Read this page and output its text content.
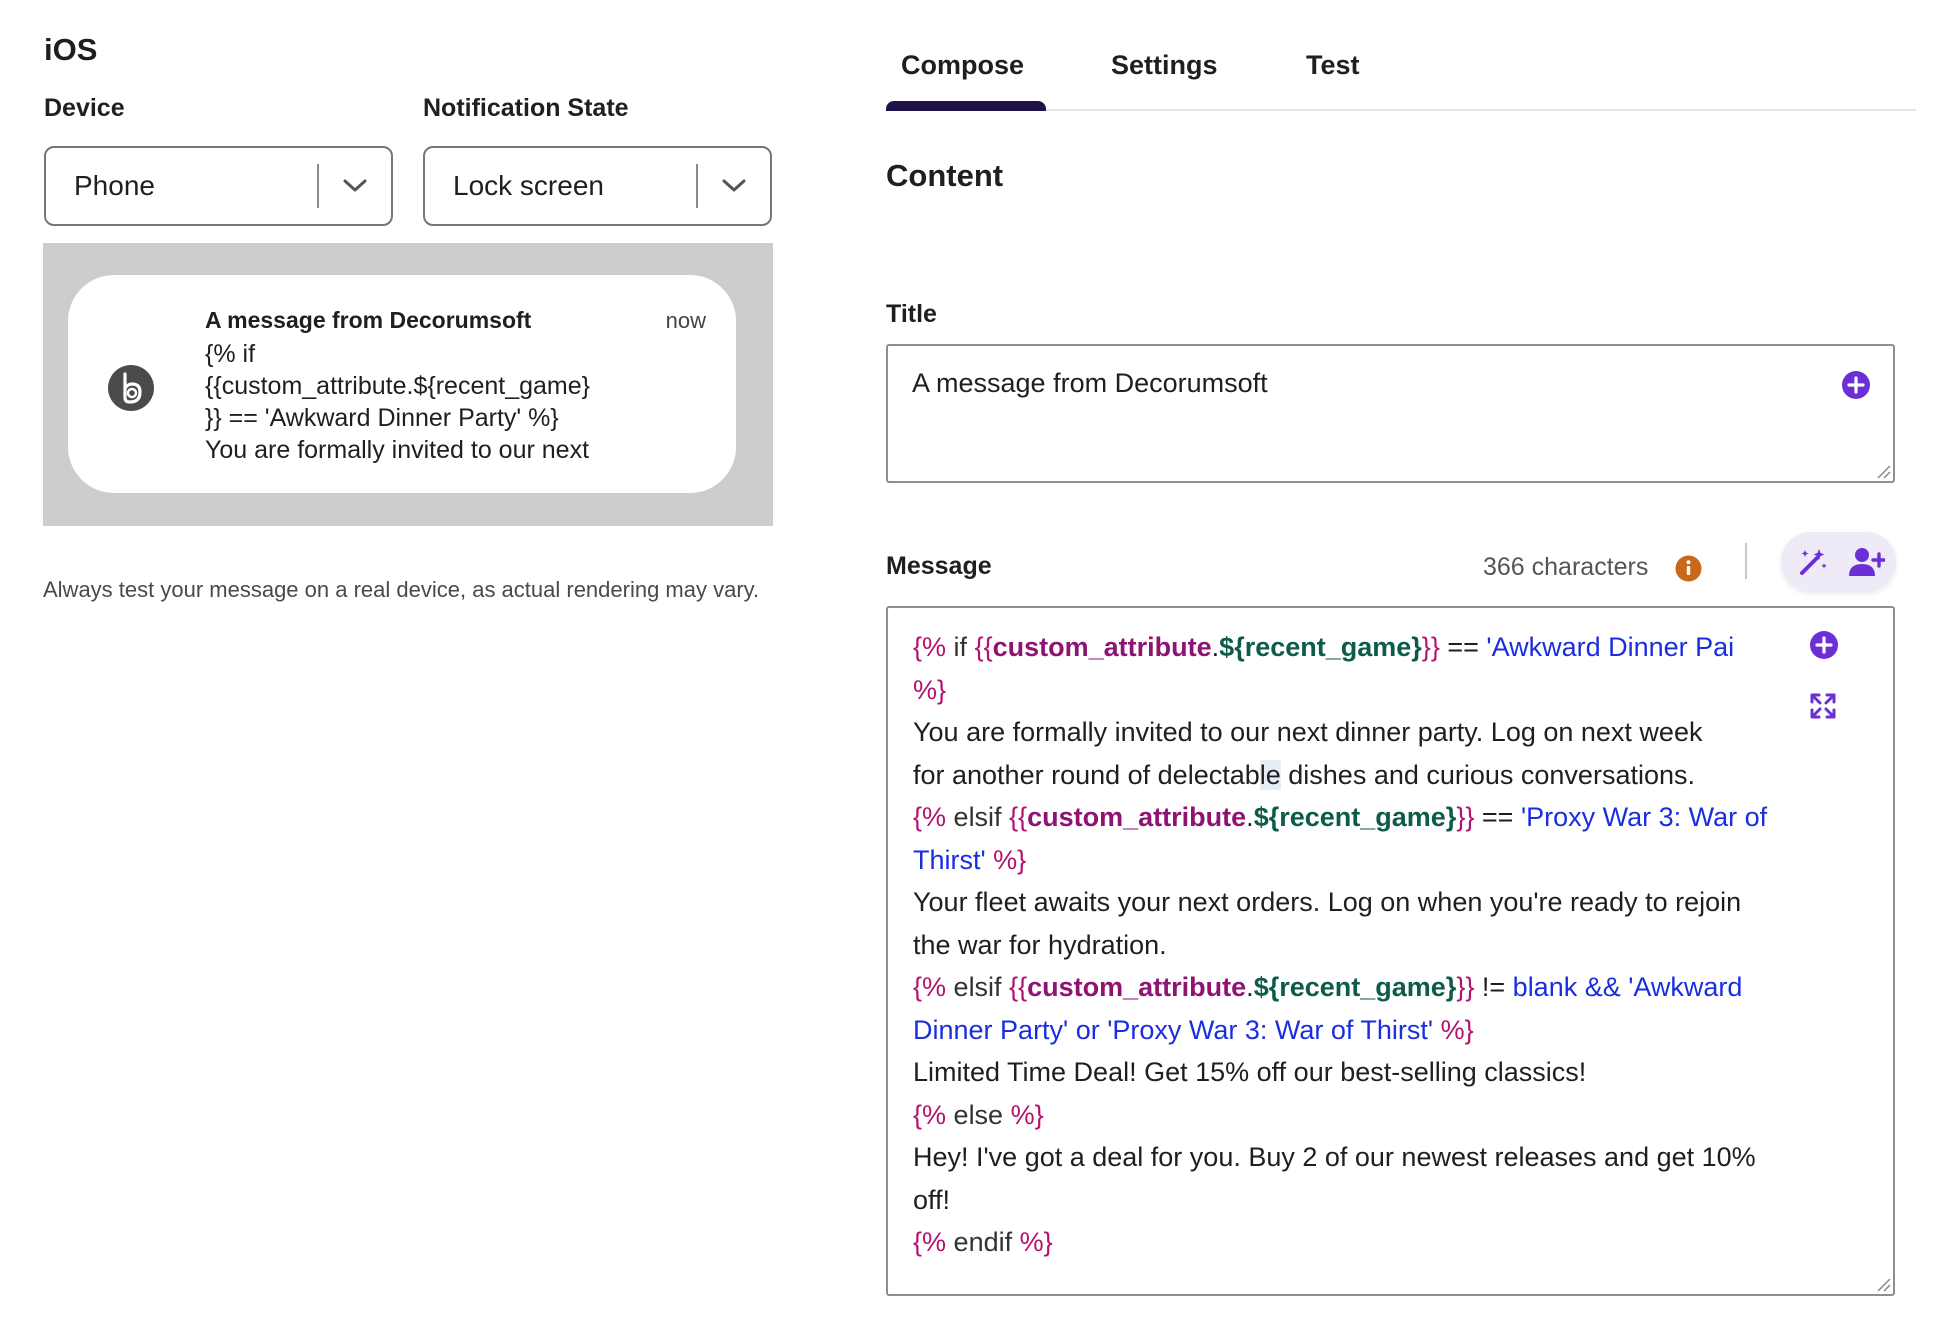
iOS
Device	Notification State
Phone	Lock screen
A message from Decorumsoft	now
{% if
{{custom_attribute.${recent_game}
}} == 'Awkward Dinner Party' %}
You are formally invited to our next
Always test your message on a real device, as actual rendering may vary.
Compose	Settings	Test
Content
Title
A message from Decorumsoft
Message	366 characters
{% if {{custom_attribute.${recent_game}}} == 'Awkward Dinner Pai
%}
You are formally invited to our next dinner party. Log on next week
for another round of delectable dishes and curious conversations.
{% elsif {{custom_attribute.${recent_game}}} == 'Proxy War 3: War of
Thirst' %}
Your fleet awaits your next orders. Log on when you're ready to rejoin
the war for hydration.
{% elsif {{custom_attribute.${recent_game}}} != blank && 'Awkward
Dinner Party' or 'Proxy War 3: War of Thirst' %}
Limited Time Deal! Get 15% off our best-selling classics!
{% else %}
Hey! I've got a deal for you. Buy 2 of our newest releases and get 10%
off!
{% endif %}
